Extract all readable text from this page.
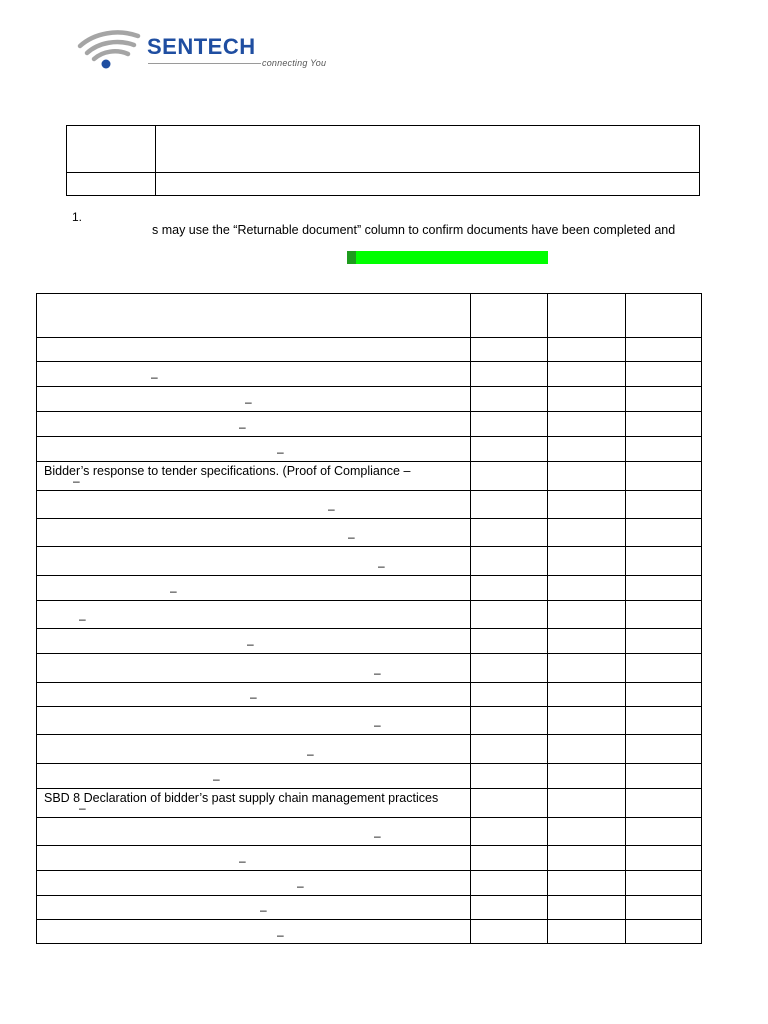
SENTECH
connecting You
1.
s may use the “Returnable document” column to confirm documents have been completed and
–
–
–
–
Bidder’s response to tender specifications. (Proof of Compliance –
–
–
–
–
–
–
–
–
–
–
–
–
SBD 8 Declaration of bidder’s past supply chain management practices
–
–
–
–
–
–
